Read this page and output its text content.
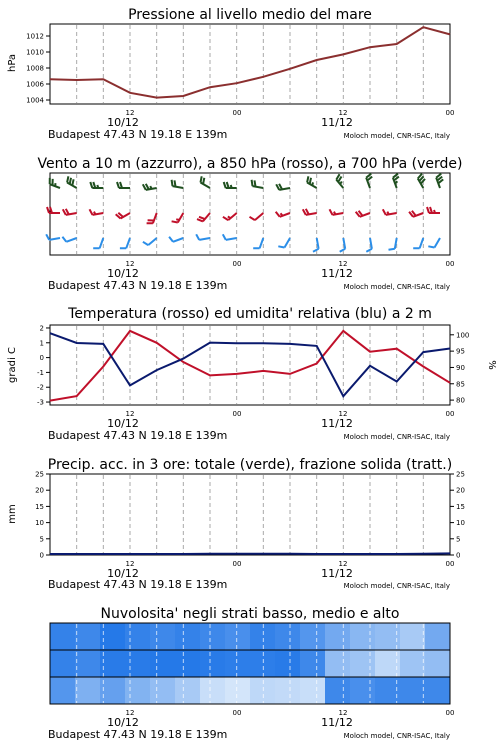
Pressione al livello medio del mare
hPa
1004
1006
1008
1010
1012
12	00	12	00
10/12	11/12
Budapest 47.43 N 19.18 E 139m	Moloch model, CNR-ISAC, Italy
Vento a 10 m (azzurro), a 850 hPa (rosso), a 700 hPa (verde)
12	00	12	00
10/12	11/12
Budapest 47.43 N 19.18 E 139m	Moloch model, CNR-ISAC, Italy
Temperatura (rosso) ed umidita' relativa (blu) a 2 m
gradi C	%
2
1
0
-1
-2
-3
100
95
90
85
80
12	00	12	00
10/12	11/12
Budapest 47.43 N 19.18 E 139m	Moloch model, CNR-ISAC, Italy
Precip. acc. in 3 ore: totale (verde), frazione solida (tratt.)
mm
0
5
10
15
20
25
0
5
10
15
20
25
12	00	12	00
10/12	11/12
Budapest 47.43 N 19.18 E 139m	Moloch model, CNR-ISAC, Italy
Nuvolosita' negli strati basso, medio e alto
12	00	12	00
10/12	11/12
Budapest 47.43 N 19.18 E 139m	Moloch model, CNR-ISAC, Italy
